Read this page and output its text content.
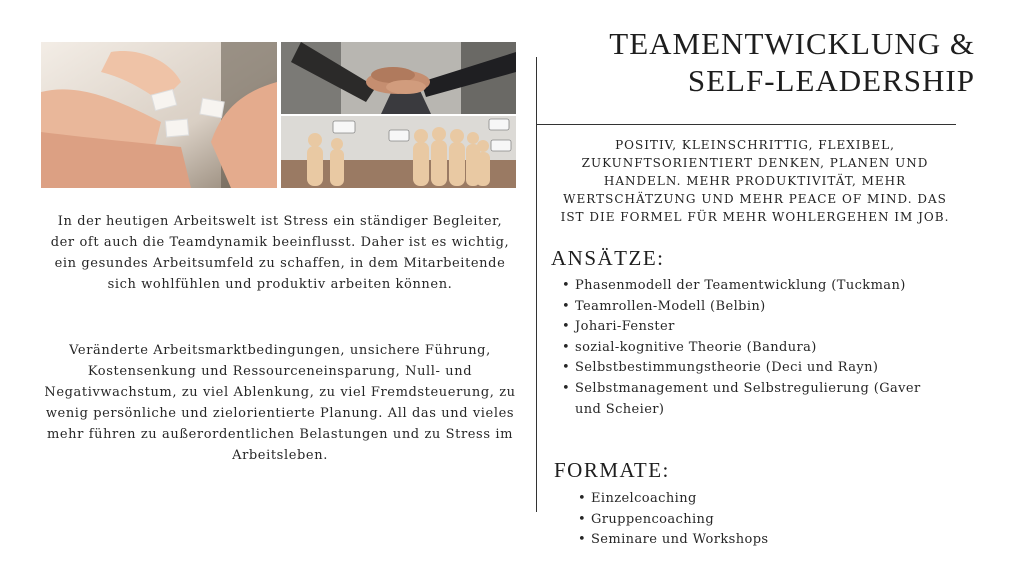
TEAMENTWICKLUNG &
SELF-LEADERSHIP
POSITIV, KLEINSCHRITTIG, FLEXIBEL, ZUKUNFTSORIENTIERT DENKEN, PLANEN UND HANDELN. MEHR PRODUKTIVITÄT, MEHR WERTSCHÄTZUNG UND MEHR PEACE OF MIND. DAS IST DIE FORMEL FÜR MEHR WOHLERGEHEN IM JOB.
In der heutigen Arbeitswelt ist Stress ein ständiger Begleiter, der oft auch die Teamdynamik beeinflusst. Daher ist es wichtig, ein gesundes Arbeitsumfeld zu schaffen, in dem Mitarbeitende sich wohlfühlen und produktiv arbeiten können.
Veränderte Arbeitsmarktbedingungen, unsichere Führung, Kostensenkung und Ressourceneinsparung, Null- und Negativwachstum, zu viel Ablenkung, zu viel Fremdsteuerung, zu wenig persönliche und zielorientierte Planung. All das und vieles mehr führen zu außerordentlichen Belastungen und zu Stress im Arbeitsleben.
ANSÄTZE:
• Phasenmodell der Teamentwicklung (Tuckman)
• Teamrollen-Modell (Belbin)
• Johari-Fenster
• sozial-kognitive Theorie (Bandura)
• Selbstbestimmungstheorie (Deci und Rayn)
• Selbstmanagement und Selbstregulierung (Gaver und Scheier)
FORMATE:
• Einzelcoaching
• Gruppencoaching
• Seminare und Workshops
